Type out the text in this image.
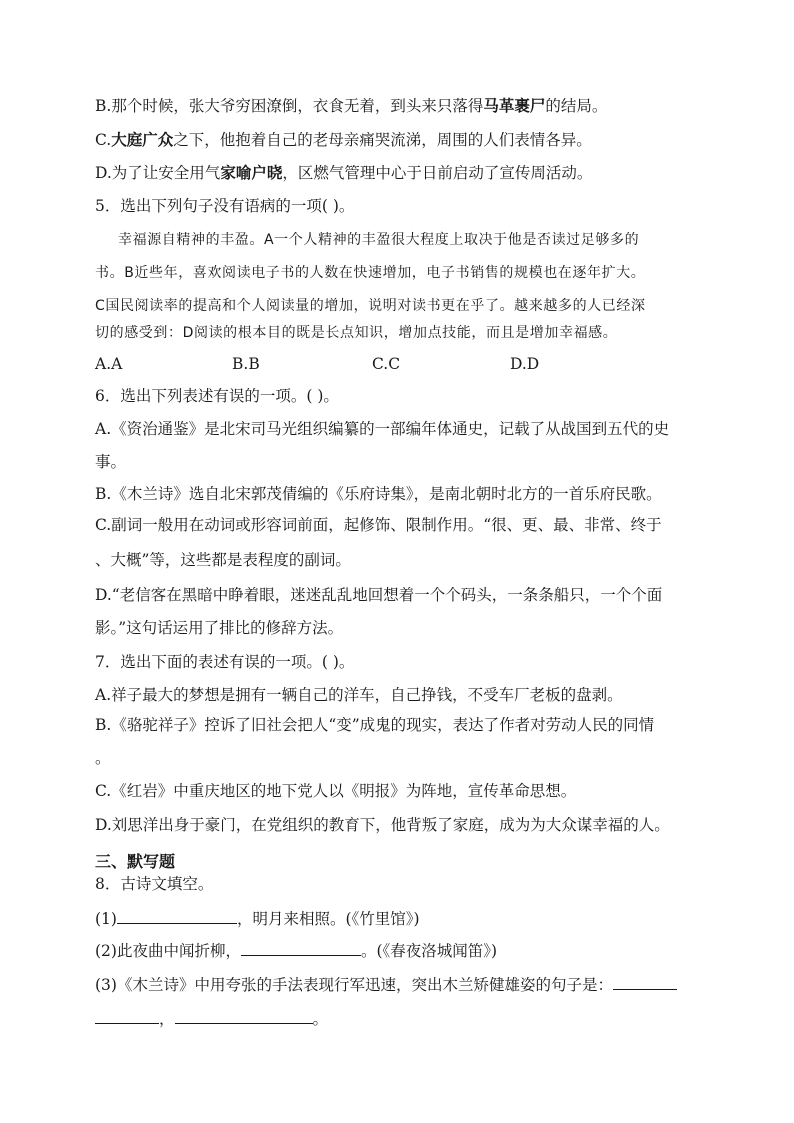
B.那个时候，张大爷穷困潦倒，衣食无着，到头来只落得马革裹尸的结局。
C.大庭广众之下，他抱着自己的老母亲痛哭流涕，周围的人们表情各异。
D.为了让安全用气家喻户晓，区燃气管理中心于日前启动了宣传周活动。
5．选出下列句子没有语病的一项( )。
幸福源自精神的丰盈。A一个人精神的丰盈很大程度上取决于他是否读过足够多的
书。B近些年，喜欢阅读电子书的人数在快速增加，电子书销售的规模也在逐年扩大。
C国民阅读率的提高和个人阅读量的增加，说明对读书更在乎了。越来越多的人已经深
切的感受到：D阅读的根本目的既是长点知识，增加点技能，而且是增加幸福感。
A.A	B.B	C.C	D.D
6．选出下列表述有误的一项。( )。
A.《资治通鉴》是北宋司马光组织编纂的一部编年体通史，记载了从战国到五代的史
事。
B.《木兰诗》选自北宋郭茂倩编的《乐府诗集》，是南北朝时北方的一首乐府民歌。
C.副词一般用在动词或形容词前面，起修饰、限制作用。“很、更、最、非常、终于
、大概”等，这些都是表程度的副词。
D.“老信客在黑暗中睁着眼，迷迷乱乱地回想着一个个码头，一条条船只，一个个面
影。”这句话运用了排比的修辞方法。
7．选出下面的表述有误的一项。( )。
A.祥子最大的梦想是拥有一辆自己的洋车，自己挣钱，不受车厂老板的盘剥。
B.《骆驼祥子》控诉了旧社会把人“变”成鬼的现实，表达了作者对劳动人民的同情
。
C.《红岩》中重庆地区的地下党人以《明报》为阵地，宣传革命思想。
D.刘思洋出身于豪门，在党组织的教育下，他背叛了家庭，成为为大众谋幸福的人。
三、默写题
8．古诗文填空。
(1)	，明月来相照。(《竹里馆》)
(2)此夜曲中闻折柳，	。(《春夜洛城闻笛》)
(3)《木兰诗》中用夸张的手法表现行军迅速，突出木兰矫健雄姿的句子是：
，	。
